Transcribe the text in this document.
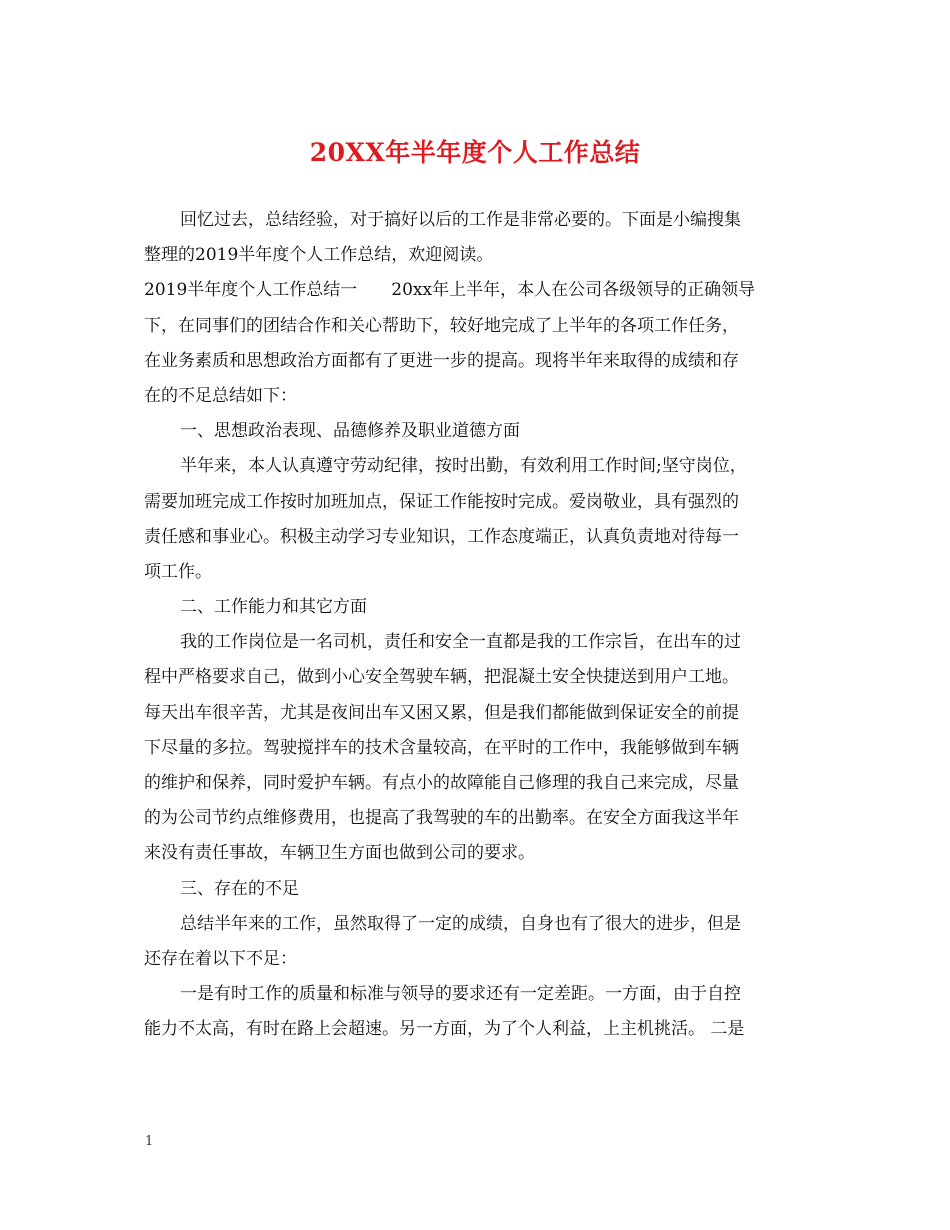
20XX年半年度个人工作总结
回忆过去，总结经验，对于搞好以后的工作是非常必要的。下面是小编搜集
整理的2019半年度个人工作总结，欢迎阅读。
2019半年度个人工作总结一　　20xx年上半年，本人在公司各级领导的正确领导
下，在同事们的团结合作和关心帮助下，较好地完成了上半年的各项工作任务，
在业务素质和思想政治方面都有了更进一步的提高。现将半年来取得的成绩和存
在的不足总结如下：
一、思想政治表现、品德修养及职业道德方面
半年来，本人认真遵守劳动纪律，按时出勤，有效利用工作时间;坚守岗位，
需要加班完成工作按时加班加点，保证工作能按时完成。爱岗敬业，具有强烈的
责任感和事业心。积极主动学习专业知识，工作态度端正，认真负责地对待每一
项工作。
二、工作能力和其它方面
我的工作岗位是一名司机，责任和安全一直都是我的工作宗旨，在出车的过
程中严格要求自己，做到小心安全驾驶车辆，把混凝土安全快捷送到用户工地。
每天出车很辛苦，尤其是夜间出车又困又累，但是我们都能做到保证安全的前提
下尽量的多拉。驾驶搅拌车的技术含量较高，在平时的工作中，我能够做到车辆
的维护和保养，同时爱护车辆。有点小的故障能自己修理的我自己来完成，尽量
的为公司节约点维修费用，也提高了我驾驶的车的出勤率。在安全方面我这半年
来没有责任事故，车辆卫生方面也做到公司的要求。
三、存在的不足
总结半年来的工作，虽然取得了一定的成绩，自身也有了很大的进步，但是
还存在着以下不足：
一是有时工作的质量和标准与领导的要求还有一定差距。一方面，由于自控
能力不太高，有时在路上会超速。另一方面，为了个人利益，上主机挑活。 二是
1
